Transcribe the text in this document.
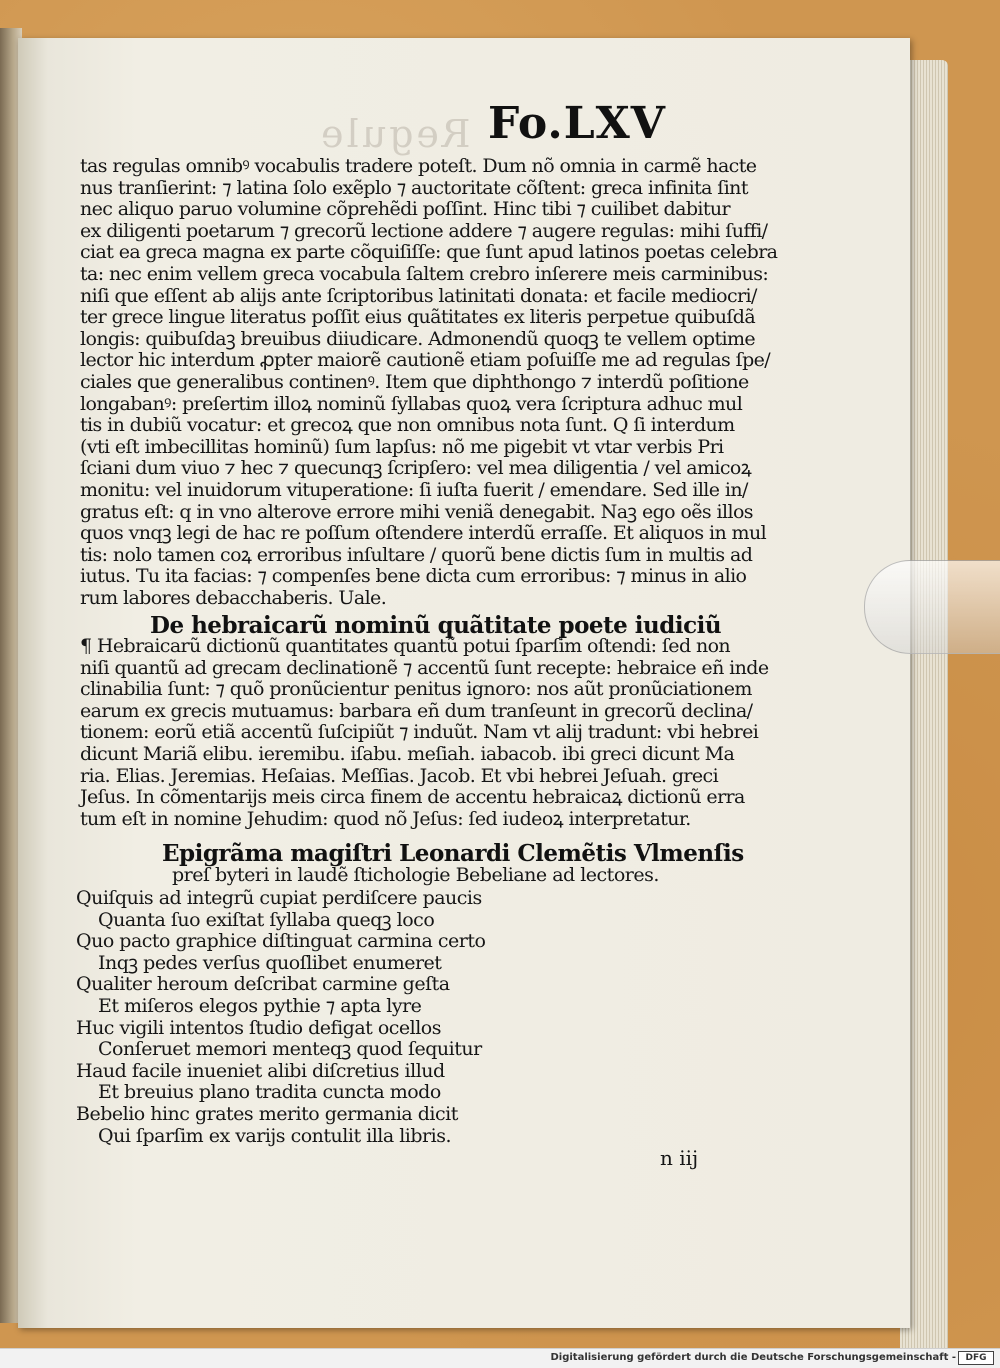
Regule Fo.LXV
tas regulas omnibꝰ vocabulis tradere poteſt. Dum nõ omnia in carmẽ hacte
nus tranſierint: ⁊ latina ſolo exẽplo ⁊ auctoritate cõſtent: greca infinita ſint
nec aliquo paruo volumine cõprehẽdi poſſint. Hinc tibi ⁊ cuilibet dabitur
ex diligenti poetarum ⁊ grecorũ lectione addere ⁊ augere regulas: mihi ſuffi/
ciat ea greca magna ex parte cõquiſiſſe: que ſunt apud latinos poetas celebra
ta: nec enim vellem greca vocabula ſaltem crebro inſerere meis carminibus:
niſi que eſſent ab alijs ante ſcriptoribus latinitati donata: et facile mediocri/
ter grece lingue literatus poſſit eius quãtitates ex literis perpetue quibuſdã
longis: quibuſdaꝫ breuibus diiudicare. Admonendũ quoqꝫ te vellem optime
lector hic interdum ꝓpter maiorẽ cautionẽ etiam poſuiſſe me ad regulas ſpe/
ciales que generalibus continenꝰ. Item que diphthongo ⁊ interdũ poſitione
longabanꝰ: preſertim illoꝝ nominũ ſyllabas quoꝝ vera ſcriptura adhuc mul
tis in dubiũ vocatur: et grecoꝝ que non omnibus nota ſunt. Q ſi interdum
(vti eſt imbecillitas hominũ) ſum lapſus: nõ me pigebit vt vtar verbis Pri
ſciani dum viuo ⁊ hec ⁊ quecunqꝫ ſcripſero: vel mea diligentia / vel amicoꝝ
monitu: vel inuidorum vituperatione: ſi iuſta fuerit / emendare. Sed ille in/
gratus eſt: q in vno alterove errore mihi veniã denegabit. Naꝫ ego oẽs illos
quos vnqꝫ legi de hac re poſſum oſtendere interdũ erraſſe. Et aliquos in mul
tis: nolo tamen coꝝ erroribus inſultare / quorũ bene dictis ſum in multis ad
iutus. Tu ita facias: ⁊ compenſes bene dicta cum erroribus: ⁊ minus in alio
rum labores debacchaberis. Uale.
De hebraicarũ nominũ quãtitate poete iudiciũ
¶ Hebraicarũ dictionũ quantitates quantũ potui ſparſim oſtendi: ſed non
niſi quantũ ad grecam declinationẽ ⁊ accentũ ſunt recepte: hebraice eñ inde
clinabilia ſunt: ⁊ quõ pronũcientur penitus ignoro: nos aũt pronũciationem
earum ex grecis mutuamus: barbara eñ dum tranſeunt in grecorũ declina/
tionem: eorũ etiã accentũ ſuſcipiũt ⁊ induũt. Nam vt alij tradunt: vbi hebrei
dicunt Mariã elibu. ieremibu. iſabu. meſiah. iabacob. ibi greci dicunt Ma
ria. Elias. Jeremias. Heſaias. Meſſias. Jacob. Et vbi hebrei Jeſuah. greci
Jeſus. In cõmentarijs meis circa finem de accentu hebraicaꝝ dictionũ erra
tum eſt in nomine Jehudim: quod nõ Jeſus: ſed iudeoꝝ interpretatur.
Epigrãma magiſtri Leonardi Clemẽtis Vlmenſis
preſ byteri in laudẽ ſtichologie Bebeliane ad lectores.
Quiſquis ad integrũ cupiat perdiſcere paucis
Quanta ſuo exiſtat ſyllaba queqꝫ loco
Quo pacto graphice diſtinguat carmina certo
Inqꝫ pedes verſus quoſlibet enumeret
Qualiter heroum deſcribat carmine geſta
Et miſeros elegos pythie ⁊ apta lyre
Huc vigili intentos ſtudio defigat ocellos
Conſeruet memori menteqꝫ quod ſequitur
Haud facile inueniet alibi diſcretius illud
Et breuius plano tradita cuncta modo
Bebelio hinc grates merito germania dicit
Qui ſparſim ex varijs contulit illa libris.
n iij
Digitalisierung gefördert durch die Deutsche Forschungsgemeinschaft -	DFG
